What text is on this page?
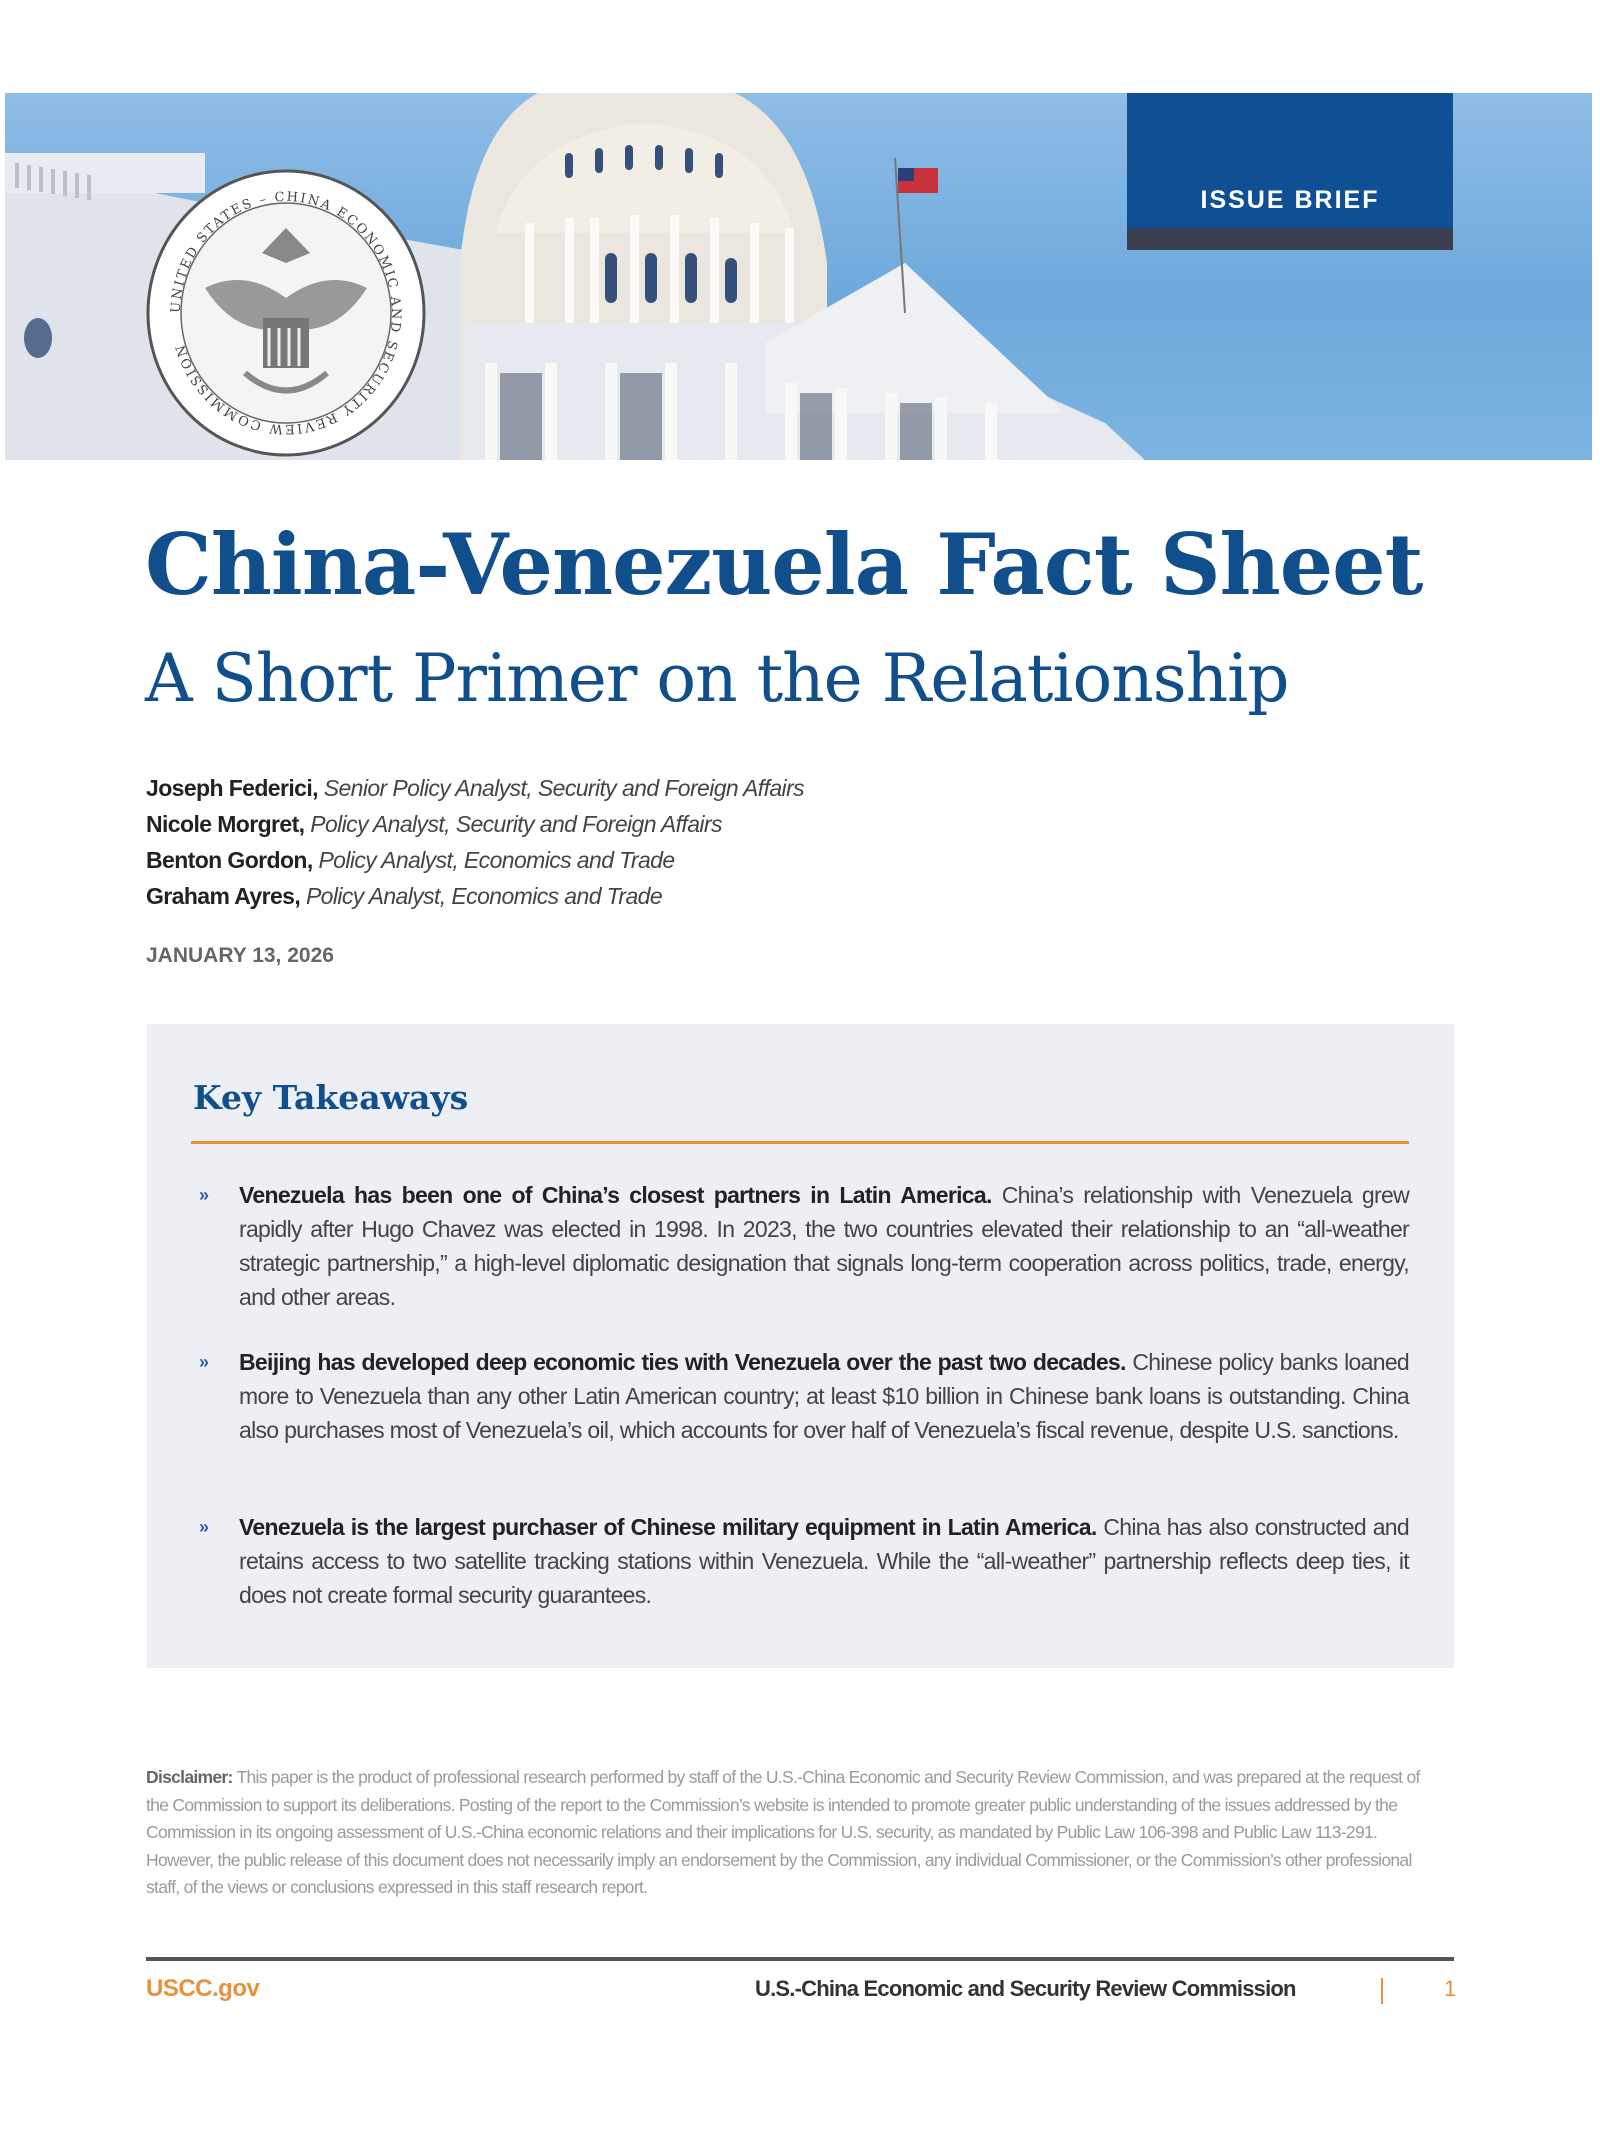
UNITED STATES – CHINA ECONOMIC AND SECURITY REVIEW COMMISSION
ISSUE BRIEF
China-Venezuela Fact Sheet
A Short Primer on the Relationship
Joseph Federici, Senior Policy Analyst, Security and Foreign Affairs
Nicole Morgret, Policy Analyst, Security and Foreign Affairs
Benton Gordon, Policy Analyst, Economics and Trade
Graham Ayres, Policy Analyst, Economics and Trade
JANUARY 13, 2026
Key Takeaways
» Venezuela has been one of China’s closest partners in Latin America. China’s relationship with Venezuela grew rapidly after Hugo Chavez was elected in 1998. In 2023, the two countries elevated their relationship to an “all-weather strategic partnership,” a high-level diplomatic designation that signals long-term cooperation across politics, trade, energy, and other areas.
» Beijing has developed deep economic ties with Venezuela over the past two decades. Chinese policy banks loaned more to Venezuela than any other Latin American country; at least $10 billion in Chinese bank loans is outstanding. China also purchases most of Venezuela’s oil, which accounts for over half of Venezuela’s fiscal revenue, despite U.S. sanctions.
» Venezuela is the largest purchaser of Chinese military equipment in Latin America. China has also constructed and retains access to two satellite tracking stations within Venezuela. While the “all-weather” partnership reflects deep ties, it does not create formal security guarantees.
Disclaimer: This paper is the product of professional research performed by staff of the U.S.-China Economic and Security Review Commission, and was prepared at the request of the Commission to support its deliberations. Posting of the report to the Commission’s website is intended to promote greater public understanding of the issues addressed by the Commission in its ongoing assessment of U.S.-China economic relations and their implications for U.S. security, as mandated by Public Law 106-398 and Public Law 113-291. However, the public release of this document does not necessarily imply an endorsement by the Commission, any individual Commissioner, or the Commission’s other professional staff, of the views or conclusions expressed in this staff research report.
USCC.gov	U.S.-China Economic and Security Review Commission	1
